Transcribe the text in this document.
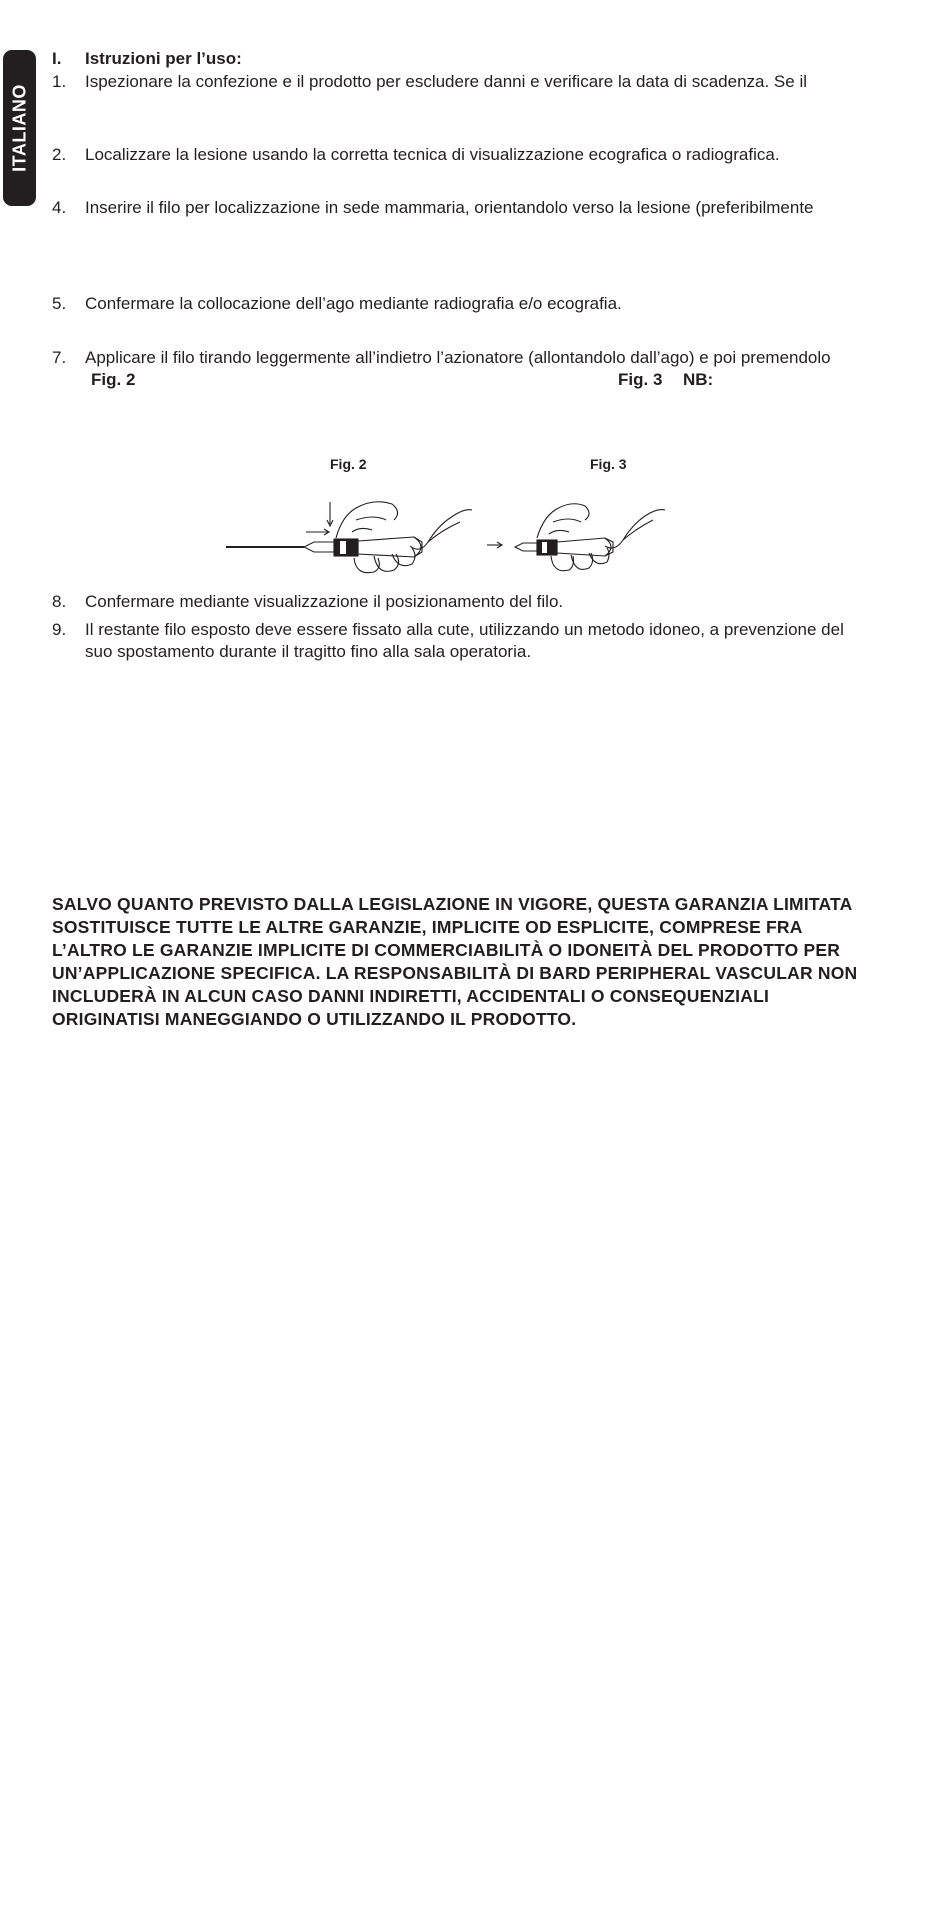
ITALIANO
I. Istruzioni per l’uso:
1. Ispezionare la confezione e il prodotto per escludere danni e verificare la data di scadenza. Se il
2. Localizzare la lesione usando la corretta tecnica di visualizzazione ecografica o radiografica.
4. Inserire il filo per localizzazione in sede mammaria, orientandolo verso la lesione (preferibilmente
5. Confermare la collocazione dell’ago mediante radiografia e/o ecografia.
7. Applicare il filo tirando leggermente all’indietro l’azionatore (allontandolo dall’ago) e poi premendolo
Fig. 2	Fig. 3 NB:
Fig. 2	Fig. 3
8. Confermare mediante visualizzazione il posizionamento del filo.
9. Il restante filo esposto deve essere fissato alla cute, utilizzando un metodo idoneo, a prevenzione del
suo spostamento durante il tragitto fino alla sala operatoria.
SALVO QUANTO PREVISTO DALLA LEGISLAZIONE IN VIGORE, QUESTA GARANZIA LIMITATA
SOSTITUISCE TUTTE LE ALTRE GARANZIE, IMPLICITE OD ESPLICITE, COMPRESE FRA
L’ALTRO LE GARANZIE IMPLICITE DI COMMERCIABILITÀ O IDONEITÀ DEL PRODOTTO PER
UN’APPLICAZIONE SPECIFICA. LA RESPONSABILITÀ DI BARD PERIPHERAL VASCULAR NON
INCLUDERÀ IN ALCUN CASO DANNI INDIRETTI, ACCIDENTALI O CONSEQUENZIALI
ORIGINATISI MANEGGIANDO O UTILIZZANDO IL PRODOTTO.
